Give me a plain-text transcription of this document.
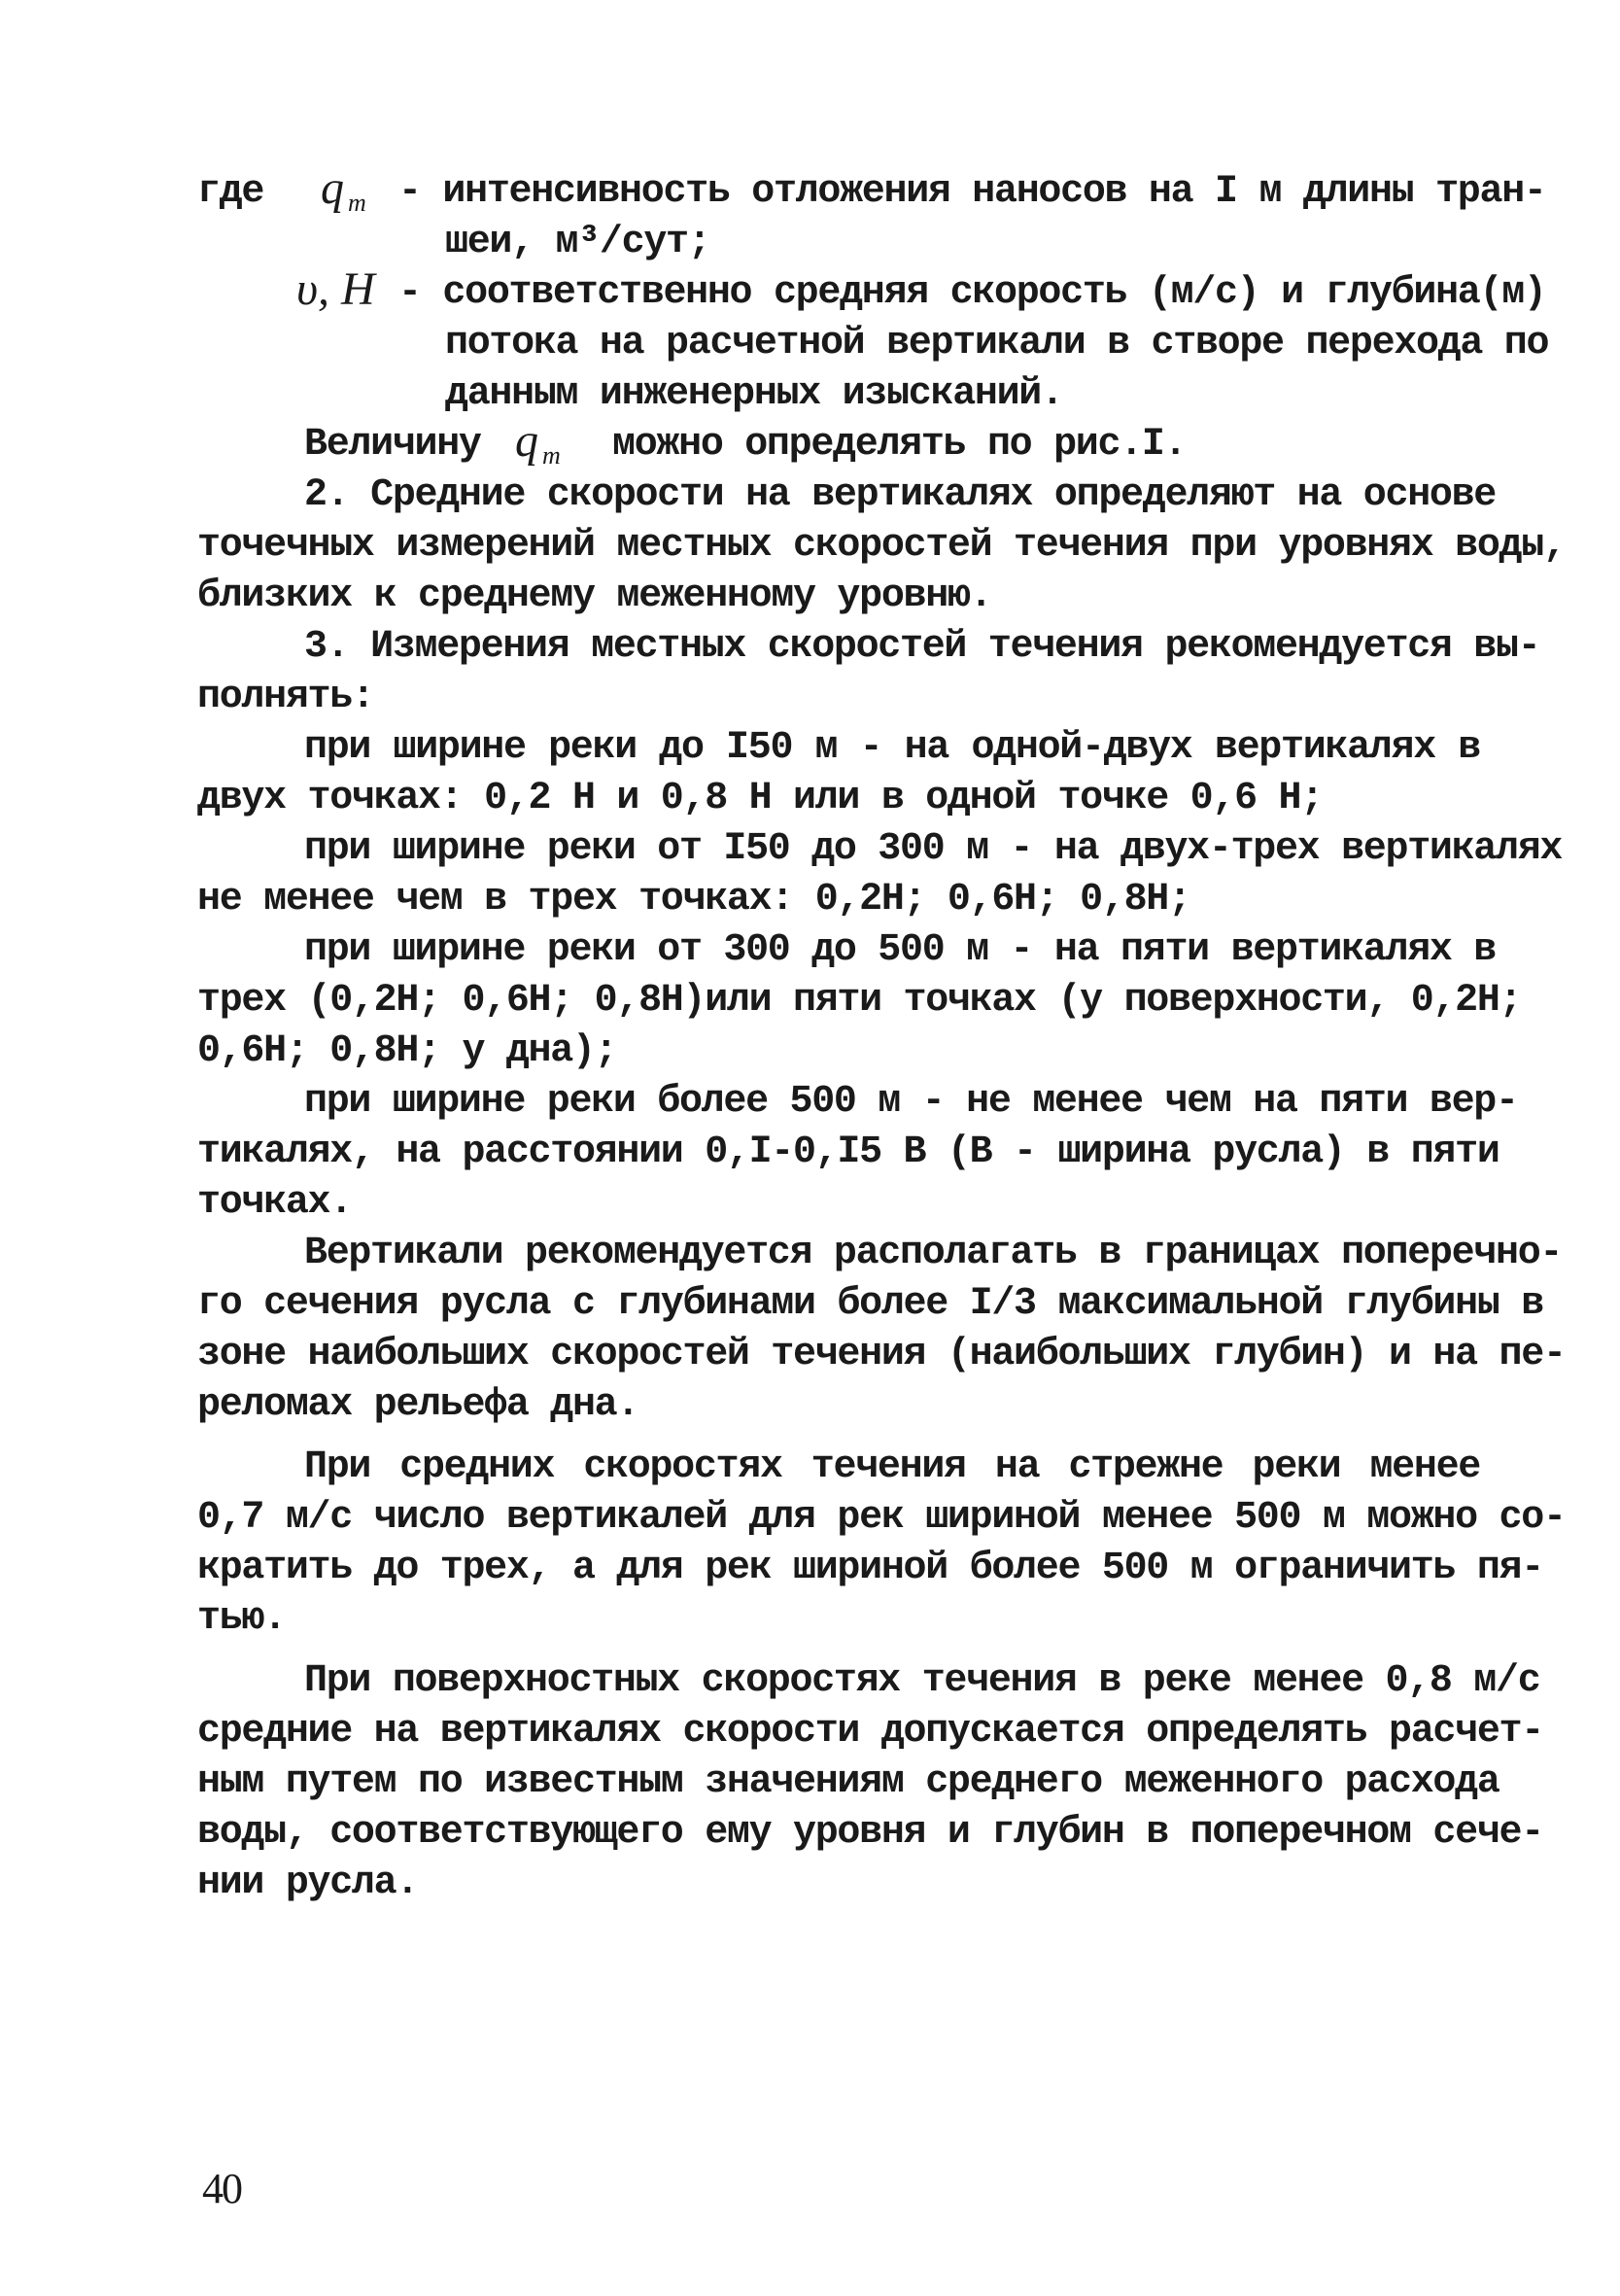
где q $_т$ - интенсивность отложения наносов на I м длины тран-
шеи, м³/сут;
υ, Н - соответственно средняя скорость (м/с) и глубина(м)
потока на расчетной вертикали в створе перехода по
данным инженерных изысканий.
Величину q $_т$ можно определять по рис.I.
2. Средние скорости на вертикалях определяют на основе
точечных измерений местных скоростей течения при уровнях воды,
близких к среднему меженному уровню.
3. Измерения местных скоростей течения рекомендуется вы-
полнять:
при ширине реки до I50 м - на одной-двух вертикалях в
двух точках: 0,2 Н и 0,8 Н или в одной точке 0,6 Н;
при ширине реки от I50 до 300 м - на двух-трех вертикалях
не менее чем в трех точках: 0,2Н; 0,6Н; 0,8Н;
при ширине реки от 300 до 500 м - на пяти вертикалях в
трех (0,2Н; 0,6Н; 0,8Н)или пяти точках (у поверхности, 0,2Н;
0,6Н; 0,8Н; у дна);
при ширине реки более 500 м - не менее чем на пяти вер-
тикалях, на расстоянии 0,I-0,I5 В (В - ширина русла) в пяти
точках.
Вертикали рекомендуется располагать в границах поперечно-
го сечения русла с глубинами более I/3 максимальной глубины в
зоне наибольших скоростей течения (наибольших глубин) и на пе-
реломах рельефа дна.
При средних скоростях течения на стрежне реки менее
0,7 м/с число вертикалей для рек шириной менее 500 м можно со-
кратить до трех, а для рек шириной более 500 м ограничить пя-
тью.
При поверхностных скоростях течения в реке менее 0,8 м/с
средние на вертикалях скорости допускается определять расчет-
ным путем по известным значениям среднего меженного расхода
воды, соответствующего ему уровня и глубин в поперечном сече-
нии русла.
40
